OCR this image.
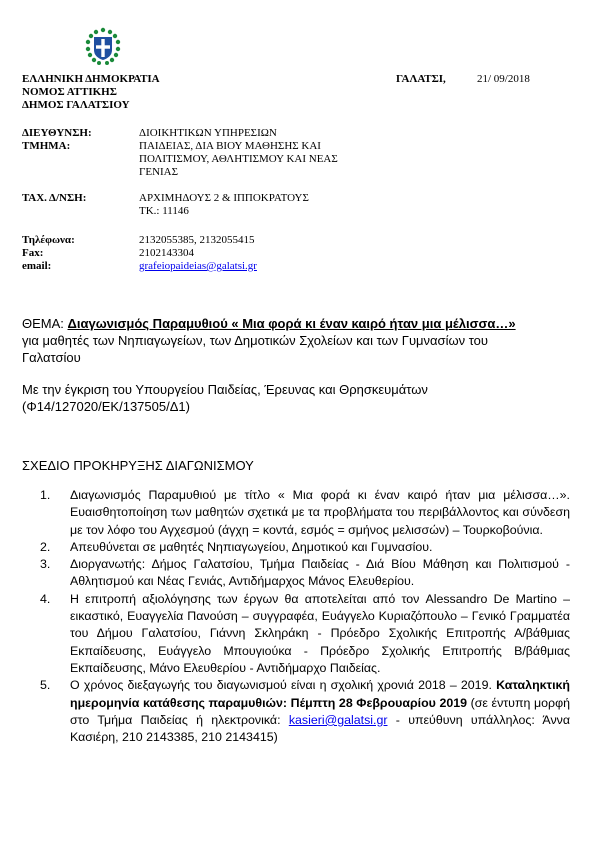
ΕΛΛΗΝΙΚΗ ΔΗΜΟΚΡΑΤΙΑ
ΝΟΜΟΣ ΑΤΤΙΚΗΣ
ΔΗΜΟΣ ΓΑΛΑΤΣΙΟΥ
ΓΑΛΑΤΣΙ,	21/ 09/2018
ΔΙΕΥΘΥΝΣΗ:	ΔΙΟΙΚΗΤΙΚΩΝ ΥΠΗΡΕΣΙΩΝ
ΤΜΗΜΑ:	ΠΑΙΔΕΙΑΣ, ΔΙΑ ΒΙΟΥ ΜΑΘΗΣΗΣ ΚΑΙ
ΠΟΛΙΤΙΣΜΟΥ, ΑΘΛΗΤΙΣΜΟΥ ΚΑΙ ΝΕΑΣ
ΓΕΝΙΑΣ
ΤΑΧ. Δ/ΝΣΗ:	ΑΡΧΙΜΗΔΟΥΣ 2 & ΙΠΠΟΚΡΑΤΟΥΣ
ΤΚ.: 11146
Τηλέφωνα:	2132055385, 2132055415
Fax:	2102143304
email:	grafeiopaideias@galatsi.gr
ΘΕΜΑ: Διαγωνισμός Παραμυθιού « Μια φορά κι έναν καιρό ήταν μια μέλισσα…»
για μαθητές των Νηπιαγωγείων, των Δημοτικών Σχολείων και των Γυμνασίων του
Γαλατσίου
Με την έγκριση του Υπουργείου Παιδείας, Έρευνας και Θρησκευμάτων
(Φ14/127020/ΕΚ/137505/Δ1)
ΣΧΕΔΙΟ ΠΡΟΚΗΡΥΞΗΣ ΔΙΑΓΩΝΙΣΜΟΥ
1. Διαγωνισμός Παραμυθιού με τίτλο « Μια φορά κι έναν καιρό ήταν μια μέλισσα…». Ευαισθητοποίηση των μαθητών σχετικά με τα προβλήματα του περιβάλλοντος και σύνδεση με τον λόφο του Αγχεσμού (άγχη = κοντά, εσμός = σμήνος μελισσών) – Τουρκοβούνια.
2. Απευθύνεται σε μαθητές Νηπιαγωγείου, Δημοτικού και Γυμνασίου.
3. Διοργανωτής: Δήμος Γαλατσίου, Τμήμα Παιδείας - Διά Βίου Μάθηση και Πολιτισμού - Αθλητισμού και Νέας Γενιάς, Αντιδήμαρχος Μάνος Ελευθερίου.
4. Η επιτροπή αξιολόγησης των έργων θα αποτελείται από τον Alessandro De Martino – εικαστικό, Ευαγγελία Πανούση – συγγραφέα, Ευάγγελο Κυριαζόπουλο – Γενικό Γραμματέα του Δήμου Γαλατσίου, Γιάννη Σκληράκη - Πρόεδρο Σχολικής Επιτροπής Α/βάθμιας Εκπαίδευσης, Ευάγγελο Μπουγιούκα - Πρόεδρο Σχολικής Επιτροπής Β/βάθμιας Εκπαίδευσης, Μάνο Ελευθερίου - Αντιδήμαρχο Παιδείας.
5. Ο χρόνος διεξαγωγής του διαγωνισμού είναι η σχολική χρονιά 2018 – 2019. Καταληκτική ημερομηνία κατάθεσης παραμυθιών: Πέμπτη 28 Φεβρουαρίου 2019 (σε έντυπη μορφή στο Τμήμα Παιδείας ή ηλεκτρονικά: kasieri@galatsi.gr - υπεύθυνη υπάλληλος: Άννα Κασιέρη, 210 2143385, 210 2143415)
